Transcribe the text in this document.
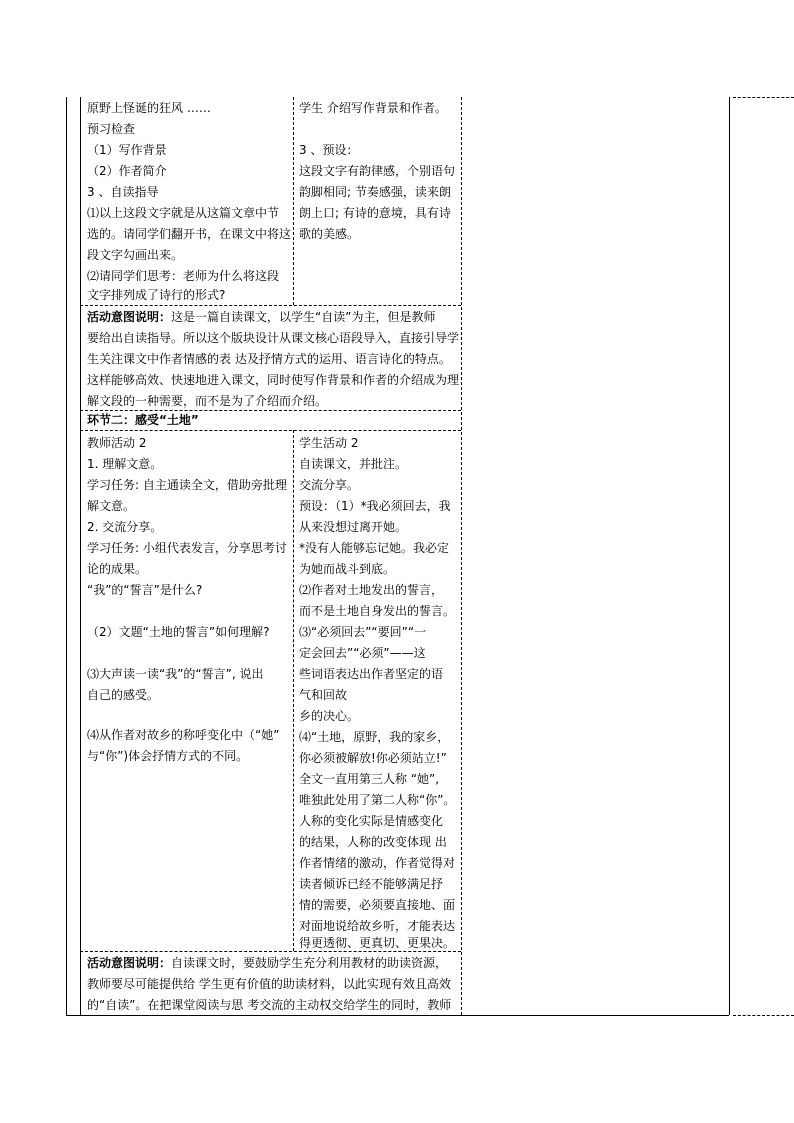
原野上怪诞的狂风 ……
预习检查
（1）写作背景
（2）作者简介
3 、自读指导
⑴以上这段文字就是从这篇文章中节
选的。请同学们翻开书，在课文中将这
段文字勾画出来。
⑵请同学们思考：老师为什么将这段
文字排列成了诗行的形式?
学生 介绍写作背景和作者。
3 、预设：
这段文字有韵律感，个别语句
韵脚相同; 节奏感强，读来朗
朗上口; 有诗的意境，具有诗
歌的美感。
活动意图说明：这是一篇自读课文，以学生“自读”为主，但是教师
要给出自读指导。所以这个版块设计从课文核心语段导入，直接引导学
生关注课文中作者情感的表 达及抒情方式的运用、语言诗化的特点。
这样能够高效、快速地进入课文，同时使写作背景和作者的介绍成为理
解文段的一种需要，而不是为了介绍而介绍。
环节二：感受“土地”
教师活动 2
1. 理解文意。
学习任务: 自主通读全文，借助旁批理
解文意。
2. 交流分享。
学习任务: 小组代表发言，分享思考讨
论的成果。
“我”的“誓言”是什么?
（2）文题“土地的誓言”如何理解?
⑶大声读一读“我”的“誓言”, 说出
自己的感受。
⑷从作者对故乡的称呼变化中（“她”
与“你”)体会抒情方式的不同。
学生活动 2
自读课文，并批注。
交流分享。
预设：（1）*我必须回去，我
从来没想过离开她。
*没有人能够忘记她。我必定
为她而战斗到底。
⑵作者对土地发出的誓言，
而不是土地自身发出的誓言。
⑶“必须回去”“要回”“一
定会回去”“必须”——这
些词语表达出作者坚定的语
气和回故
乡的决心。
⑷“土地，原野，我的家乡，
你必须被解放!你必须站立!”
全文一直用第三人称 “她”,
唯独此处用了第二人称“你”。
人称的变化实际是情感变化
的结果，人称的改变体现 出
作者情绪的激动，作者觉得对
读者倾诉已经不能够满足抒
情的需要，必须要直接地、面
对面地说给故乡听，才能表达
得更透彻、更真切、更果决。
活动意图说明：自读课文时，要鼓励学生充分利用教材的助读资源，
教师要尽可能提供给 学生更有价值的助读材料，以此实现有效且高效
的“自读”。在把课堂阅读与思 考交流的主动权交给学生的同时，教师
